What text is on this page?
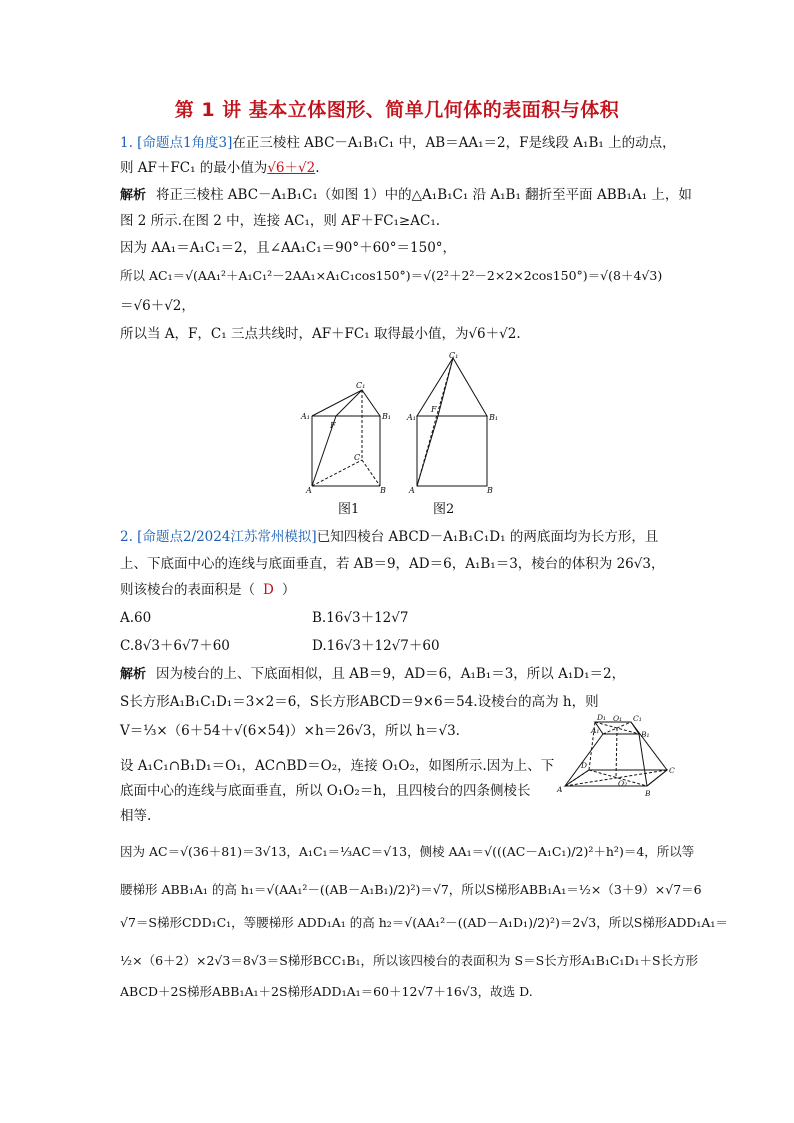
第 1 讲 基本立体图形、简单几何体的表面积与体积
1. [命题点1角度3]在正三棱柱 ABC－A₁B₁C₁ 中，AB＝AA₁＝2，F是线段 A₁B₁ 上的动点，
则 AF＋FC₁ 的最小值为√6＋√2.
解析 将正三棱柱 ABC－A₁B₁C₁（如图 1）中的△A₁B₁C₁ 沿 A₁B₁ 翻折至平面 ABB₁A₁ 上，如
图 2 所示.在图 2 中，连接 AC₁，则 AF＋FC₁≥AC₁.
因为 AA₁＝A₁C₁＝2，且∠AA₁C₁＝90°＋60°＝150°，
所以 AC₁＝√(AA₁²＋A₁C₁²－2AA₁×A₁C₁cos150°)＝√(2²＋2²－2×2×2cos150°)＝√(8＋4√3)
＝√6＋√2，
所以当 A，F，C₁ 三点共线时，AF＋FC₁ 取得最小值，为√6＋√2.
C₁
A₁	B₁
F
C
A	B
图1
C₁
A₁	B₁
F
A	B
图2
2. [命题点2/2024江苏常州模拟]已知四棱台 ABCD－A₁B₁C₁D₁ 的两底面均为长方形，且
上、下底面中心的连线与底面垂直，若 AB＝9，AD＝6，A₁B₁＝3，棱台的体积为 26√3，
则该棱台的表面积是（ D ）
A.60	B.16√3＋12√7
C.8√3＋6√7＋60	D.16√3＋12√7＋60
解析 因为棱台的上、下底面相似，且 AB＝9，AD＝6，A₁B₁＝3，所以 A₁D₁＝2，
S长方形A₁B₁C₁D₁＝3×2＝6，S长方形ABCD＝9×6＝54.设棱台的高为 h，则
V＝⅓×（6＋54＋√(6×54)）×h＝26√3，所以 h＝√3.
设 A₁C₁∩B₁D₁＝O₁，AC∩BD＝O₂，连接 O₁O₂，如图所示.因为上、下
底面中心的连线与底面垂直，所以 O₁O₂＝h，且四棱台的四条侧棱长
相等.
D₁ O₁ C₁
A₁	B₁
D
C
O₂
A	B
因为 AC＝√(36＋81)＝3√13，A₁C₁＝⅓AC＝√13，侧棱 AA₁＝√(((AC－A₁C₁)/2)²＋h²)＝4，所以等
腰梯形 ABB₁A₁ 的高 h₁＝√(AA₁²－((AB－A₁B₁)/2)²)＝√7，所以S梯形ABB₁A₁＝½×（3＋9）×√7＝6
√7＝S梯形CDD₁C₁，等腰梯形 ADD₁A₁ 的高 h₂＝√(AA₁²－((AD－A₁D₁)/2)²)＝2√3，所以S梯形ADD₁A₁＝
½×（6＋2）×2√3＝8√3＝S梯形BCC₁B₁，所以该四棱台的表面积为 S＝S长方形A₁B₁C₁D₁＋S长方形
ABCD＋2S梯形ABB₁A₁＋2S梯形ADD₁A₁＝60＋12√7＋16√3，故选 D.
